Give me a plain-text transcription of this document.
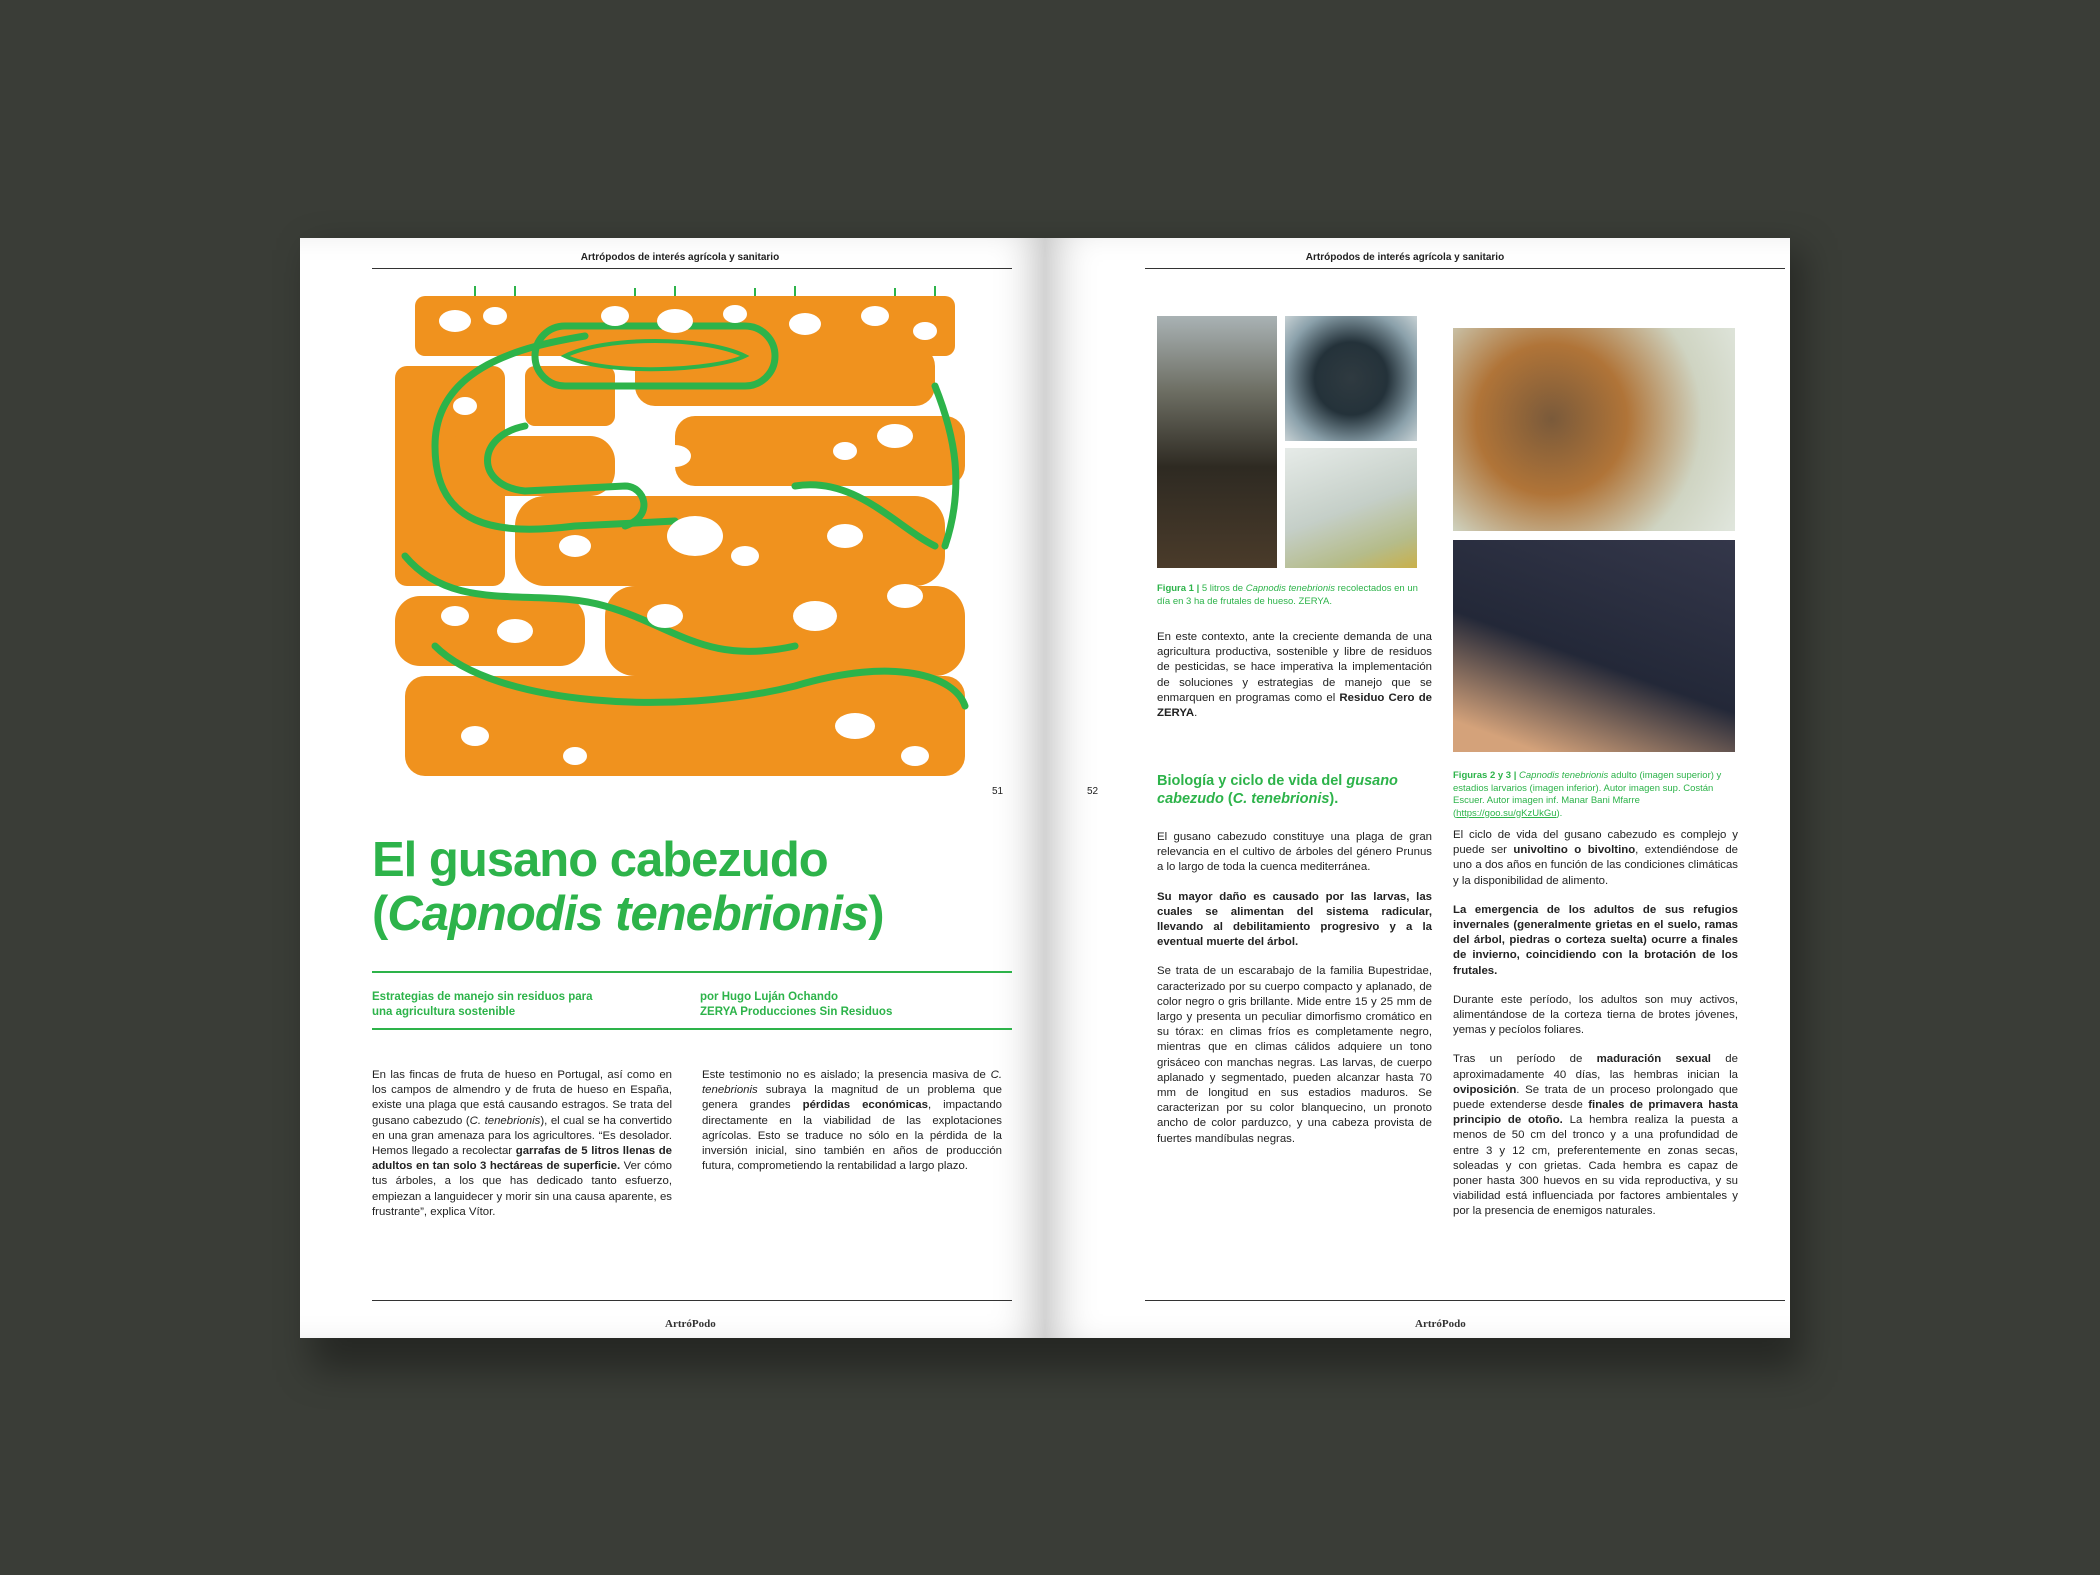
Artrópodos de interés agrícola y sanitario
51
El gusano cabezudo
(Capnodis tenebrionis)
Estrategias de manejo sin residuos para una agricultura sostenible
por Hugo Luján Ochando
ZERYA Producciones Sin Residuos

En las fincas de fruta de hueso en Portugal, así como en los campos de almendro y de fruta de hueso en España, existe una plaga que está causando estragos. Se trata del gusano cabezudo (C. tenebrionis), el cual se ha convertido en una gran amenaza para los agricultores. “Es desolador. Hemos llegado a recolectar garrafas de 5 litros llenas de adultos en tan solo 3 hectáreas de superficie. Ver cómo tus árboles, a los que has dedicado tanto esfuerzo, empiezan a languidecer y morir sin una causa aparente, es frustrante”, explica Vítor.

Este testimonio no es aislado; la presencia masiva de C. tenebrionis subraya la magnitud de un problema que genera grandes pérdidas económicas, impactando directamente en la viabilidad de las explotaciones agrícolas. Esto se traduce no sólo en la pérdida de la inversión inicial, sino también en años de producción futura, comprometiendo la rentabilidad a largo plazo.

ArtróPodo
Artrópodos de interés agrícola y sanitario
52
Figura 1 | 5 litros de Capnodis tenebrionis recolectados en un día en 3 ha de frutales de hueso. ZERYA.
Figuras 2 y 3 | Capnodis tenebrionis adulto (imagen superior) y estadios larvarios (imagen inferior). Autor imagen sup. Costán Escuer. Autor imagen inf. Manar Bani Mfarre (https://goo.su/gKzUkGu).

En este contexto, ante la creciente demanda de una agricultura productiva, sostenible y libre de residuos de pesticidas, se hace imperativa la implementación de soluciones y estrategias de manejo que se enmarquen en programas como el Residuo Cero de ZERYA.

Biología y ciclo de vida del gusano cabezudo (C. tenebrionis).

El gusano cabezudo constituye una plaga de gran relevancia en el cultivo de árboles del género Prunus a lo largo de toda la cuenca mediterránea.

Su mayor daño es causado por las larvas, las cuales se alimentan del sistema radicular, llevando al debilitamiento progresivo y a la eventual muerte del árbol.

Se trata de un escarabajo de la familia Bupestridae, caracterizado por su cuerpo compacto y aplanado, de color negro o gris brillante. Mide entre 15 y 25 mm de largo y presenta un peculiar dimorfismo cromático en su tórax: en climas fríos es completamente negro, mientras que en climas cálidos adquiere un tono grisáceo con manchas negras. Las larvas, de cuerpo aplanado y segmentado, pueden alcanzar hasta 70 mm de longitud en sus estadios maduros. Se caracterizan por su color blanquecino, un pronoto ancho de color parduzco, y una cabeza provista de fuertes mandíbulas negras.

El ciclo de vida del gusano cabezudo es complejo y puede ser univoltino o bivoltino, extendiéndose de uno a dos años en función de las condiciones climáticas y la disponibilidad de alimento.

La emergencia de los adultos de sus refugios invernales (generalmente grietas en el suelo, ramas del árbol, piedras o corteza suelta) ocurre a finales de invierno, coincidiendo con la brotación de los frutales.

Durante este período, los adultos son muy activos, alimentándose de la corteza tierna de brotes jóvenes, yemas y pecíolos foliares.

Tras un período de maduración sexual de aproximadamente 40 días, las hembras inician la oviposición. Se trata de un proceso prolongado que puede extenderse desde finales de primavera hasta principio de otoño. La hembra realiza la puesta a menos de 50 cm del tronco y a una profundidad de entre 3 y 12 cm, preferentemente en zonas secas, soleadas y con grietas. Cada hembra es capaz de poner hasta 300 huevos en su vida reproductiva, y su viabilidad está influenciada por factores ambientales y por la presencia de enemigos naturales.

ArtróPodo
